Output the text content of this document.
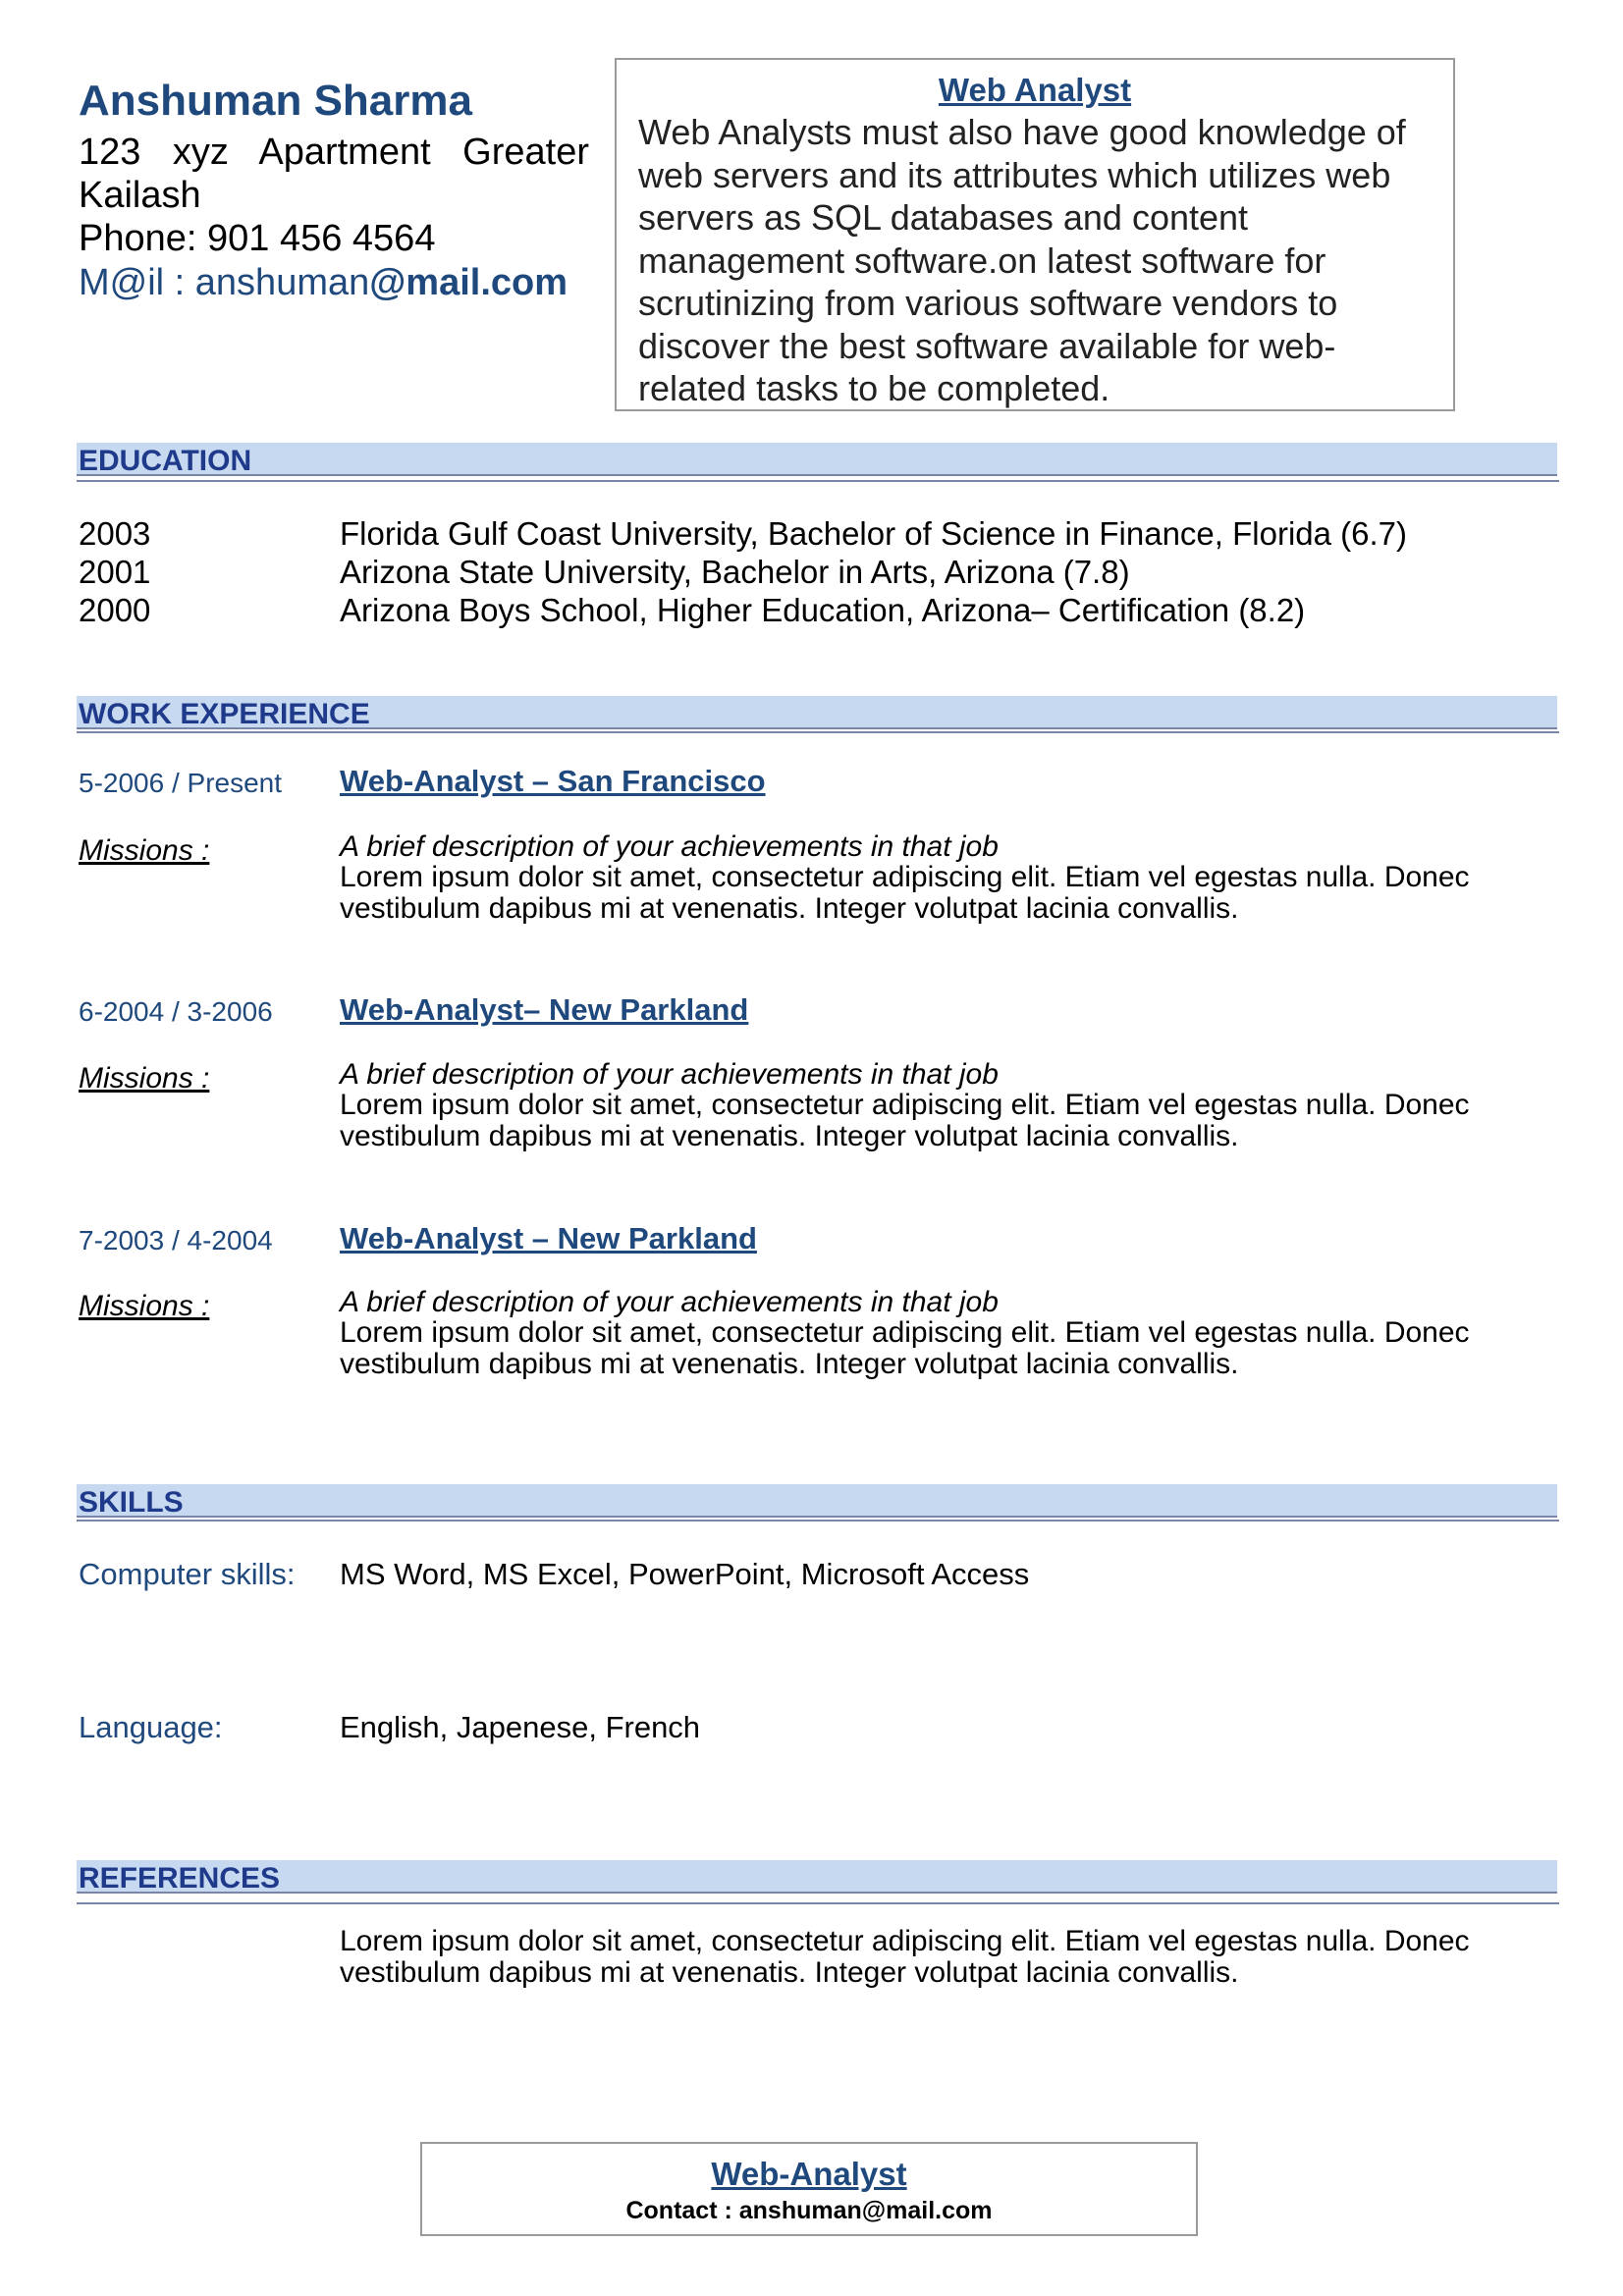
Anshuman Sharma
123 xyz Apartment Greater
Kailash
Phone: 901 456 4564
M@il : anshuman@mail.com
Web Analyst
Web Analysts must also have good knowledge of web servers and its attributes which utilizes web servers as SQL databases and content management software.on latest software for scrutinizing from various software vendors to discover the best software available for web-related tasks to be completed.
EDUCATION
2003	Florida Gulf Coast University, Bachelor of Science in Finance, Florida (6.7)
2001	Arizona State University, Bachelor in Arts, Arizona (7.8)
2000	Arizona Boys School, Higher Education, Arizona– Certification (8.2)
WORK EXPERIENCE
5-2006 / Present Web-Analyst – San Francisco
Missions :	A brief description of your achievements in that job
Lorem ipsum dolor sit amet, consectetur adipiscing elit. Etiam vel egestas nulla. Donec vestibulum dapibus mi at venenatis. Integer volutpat lacinia convallis.
6-2004 / 3-2006 Web-Analyst– New Parkland
Missions :	A brief description of your achievements in that job
Lorem ipsum dolor sit amet, consectetur adipiscing elit. Etiam vel egestas nulla. Donec vestibulum dapibus mi at venenatis. Integer volutpat lacinia convallis.
7-2003 / 4-2004 Web-Analyst – New Parkland
Missions :	A brief description of your achievements in that job
Lorem ipsum dolor sit amet, consectetur adipiscing elit. Etiam vel egestas nulla. Donec vestibulum dapibus mi at venenatis. Integer volutpat lacinia convallis.
SKILLS
Computer skills: MS Word, MS Excel, PowerPoint, Microsoft Access
Language:	English, Japenese, French
REFERENCES
Lorem ipsum dolor sit amet, consectetur adipiscing elit. Etiam vel egestas nulla. Donec vestibulum dapibus mi at venenatis. Integer volutpat lacinia convallis.
Web-Analyst
Contact : anshuman@mail.com
